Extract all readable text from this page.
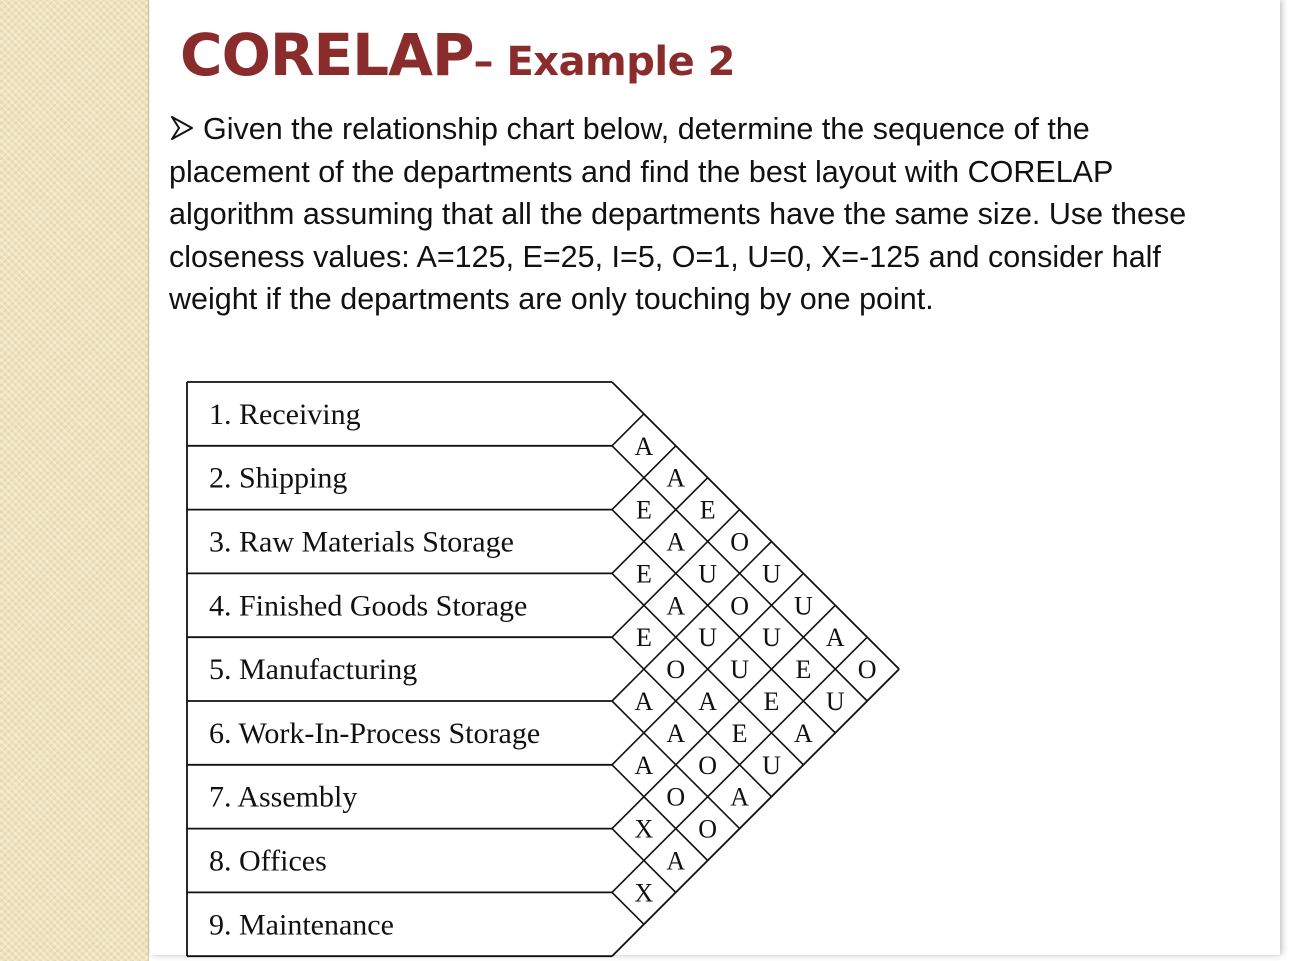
CORELAP– Example 2

Given the relationship chart below, determine the sequence of the placement of the departments and find the best layout with CORELAP algorithm assuming that all the departments have the same size. Use these closeness values: A=125, E=25, I=5, O=1, U=0, X=-125 and consider half weight if the departments are only touching by one point.

1. Receiving
2. Shipping
3. Raw Materials Storage
4. Finished Goods Storage
5. Manufacturing
6. Work-In-Process Storage
7. Assembly
8. Offices
9. Maintenance
A
A
E
O
U
U
A
O
E
A
U
O
U
E
U
E
A
U
U
E
A
E
O
A
E
U
A
A
O
A
A
O
O
X
A
X
